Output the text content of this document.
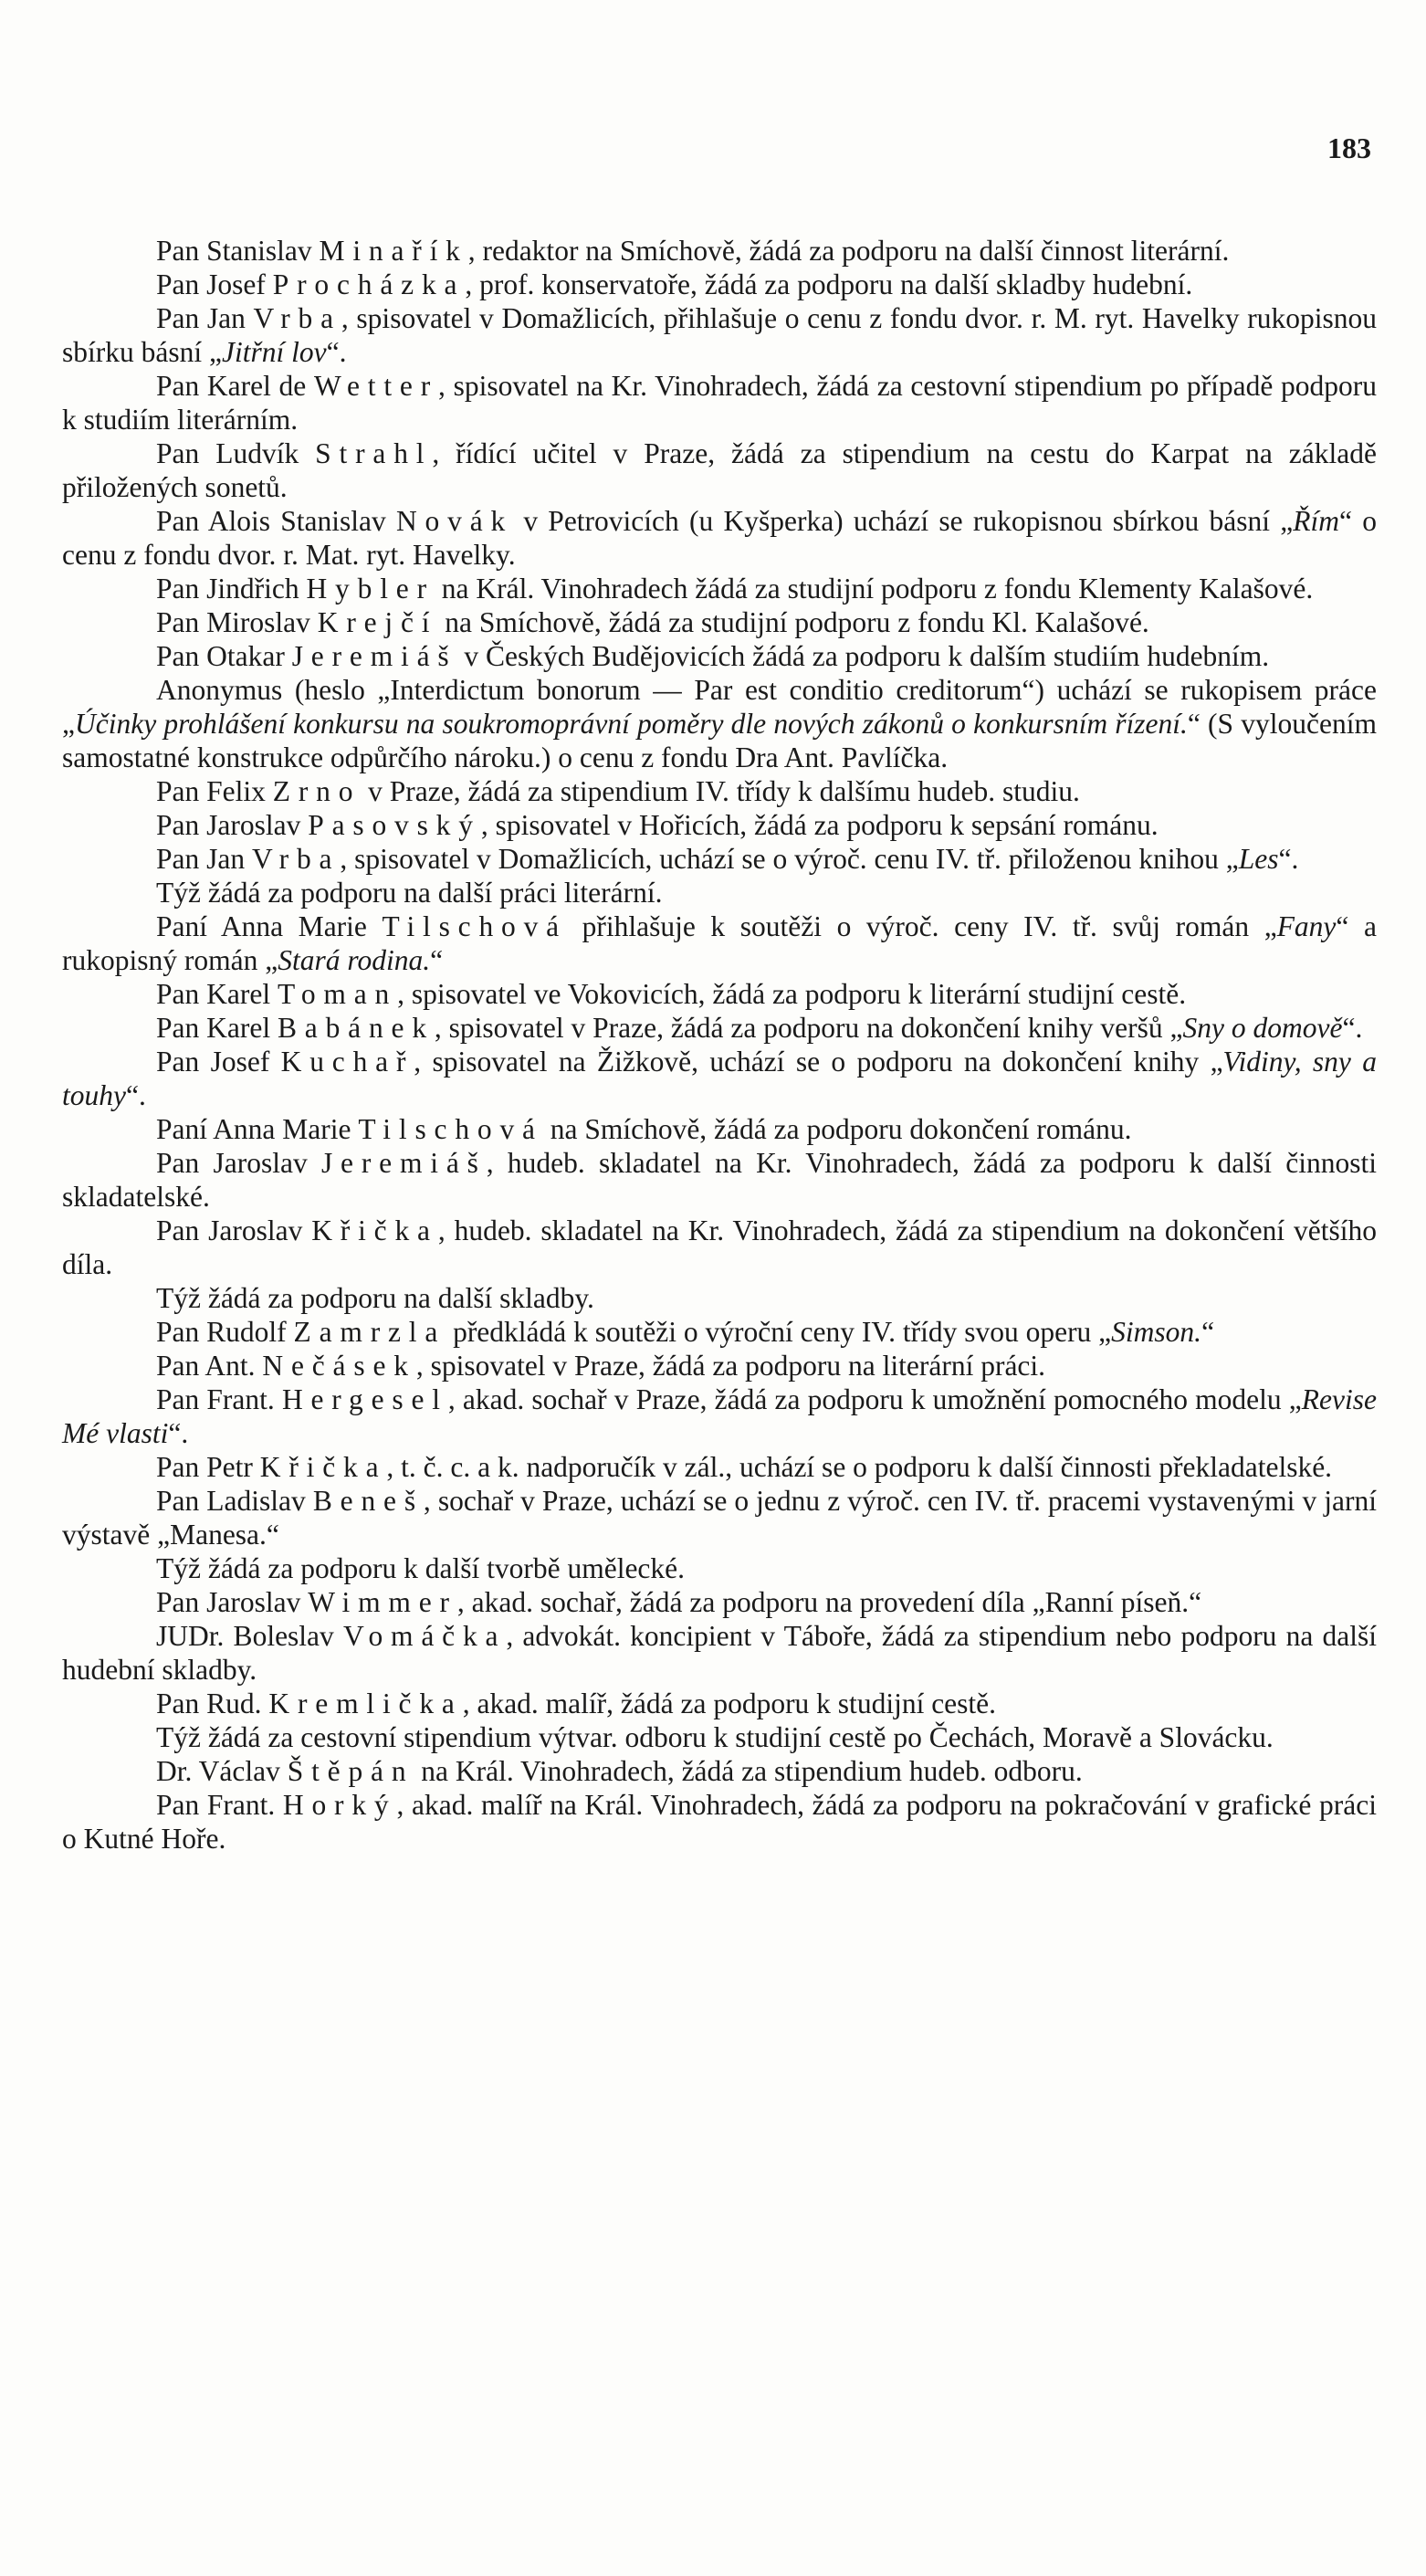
183

Pan Stanislav Minařík, redaktor na Smíchově, žádá za podporu na další činnost literární.

Pan Josef Procházka, prof. konservatoře, žádá za podporu na další skladby hudební.

Pan Jan Vrba, spisovatel v Domažlicích, přihlašuje o cenu z fondu dvor. r. M. ryt. Havelky rukopisnou sbírku básní „Jitřní lov“.

Pan Karel de Wetter, spisovatel na Kr. Vinohradech, žádá za cestovní stipendium po případě podporu k studiím literárním.

Pan Ludvík Strahl, řídící učitel v Praze, žádá za stipendium na cestu do Karpat na základě přiložených sonetů.

Pan Alois Stanislav Novák v Petrovicích (u Kyšperka) uchází se rukopisnou sbírkou básní „Řím“ o cenu z fondu dvor. r. Mat. ryt. Havelky.

Pan Jindřich Hybler na Král. Vinohradech žádá za studijní podporu z fondu Klementy Kalašové.

Pan Miroslav Krejčí na Smíchově, žádá za studijní podporu z fondu Kl. Kalašové.

Pan Otakar Jeremiáš v Českých Budějovicích žádá za podporu k dalším studiím hudebním.

Anonymus (heslo „Interdictum bonorum — Par est conditio creditorum“) uchází se rukopisem práce „Účinky prohlášení konkursu na soukromoprávní poměry dle nových zákonů o konkursním řízení.“ (S vyloučením samostatné konstrukce odpůrčího nároku.) o cenu z fondu Dra Ant. Pavlíčka.

Pan Felix Zrno v Praze, žádá za stipendium IV. třídy k dalšímu hudeb. studiu.

Pan Jaroslav Pasovský, spisovatel v Hořicích, žádá za podporu k sepsání románu.

Pan Jan Vrba, spisovatel v Domažlicích, uchází se o výroč. cenu IV. tř. přiloženou knihou „Les“.

Týž žádá za podporu na další práci literární.

Paní Anna Marie Tilschová přihlašuje k soutěži o výroč. ceny IV. tř. svůj román „Fany“ a rukopisný román „Stará rodina.“

Pan Karel Toman, spisovatel ve Vokovicích, žádá za podporu k literární studijní cestě.

Pan Karel Babánek, spisovatel v Praze, žádá za podporu na dokončení knihy veršů „Sny o domově“.

Pan Josef Kuchař, spisovatel na Žižkově, uchází se o podporu na dokončení knihy „Vidiny, sny a touhy“.

Paní Anna Marie Tilschová na Smíchově, žádá za podporu dokončení románu.

Pan Jaroslav Jeremiáš, hudeb. skladatel na Kr. Vinohradech, žádá za podporu k další činnosti skladatelské.

Pan Jaroslav Křička, hudeb. skladatel na Kr. Vinohradech, žádá za stipendium na dokončení většího díla.

Týž žádá za podporu na další skladby.

Pan Rudolf Zamrzla předkládá k soutěži o výroční ceny IV. třídy svou operu „Simson.“

Pan Ant. Nečásek, spisovatel v Praze, žádá za podporu na literární práci.

Pan Frant. Hergesel, akad. sochař v Praze, žádá za podporu k umožnění pomocného modelu „Revise Mé vlasti“.

Pan Petr Křička, t. č. c. a k. nadporučík v zál., uchází se o podporu k další činnosti překladatelské.

Pan Ladislav Beneš, sochař v Praze, uchází se o jednu z výroč. cen IV. tř. pracemi vystavenými v jarní výstavě „Manesa.“

Týž žádá za podporu k další tvorbě umělecké.

Pan Jaroslav Wimmer, akad. sochař, žádá za podporu na provedení díla „Ranní píseň.“

JUDr. Boleslav Vomáčka, advokát. koncipient v Táboře, žádá za stipendium nebo podporu na další hudební skladby.

Pan Rud. Kremlička, akad. malíř, žádá za podporu k studijní cestě.

Týž žádá za cestovní stipendium výtvar. odboru k studijní cestě po Čechách, Moravě a Slovácku.

Dr. Václav Štěpán na Král. Vinohradech, žádá za stipendium hudeb. odboru.

Pan Frant. Horký, akad. malíř na Král. Vinohradech, žádá za podporu na pokračování v grafické práci o Kutné Hoře.
